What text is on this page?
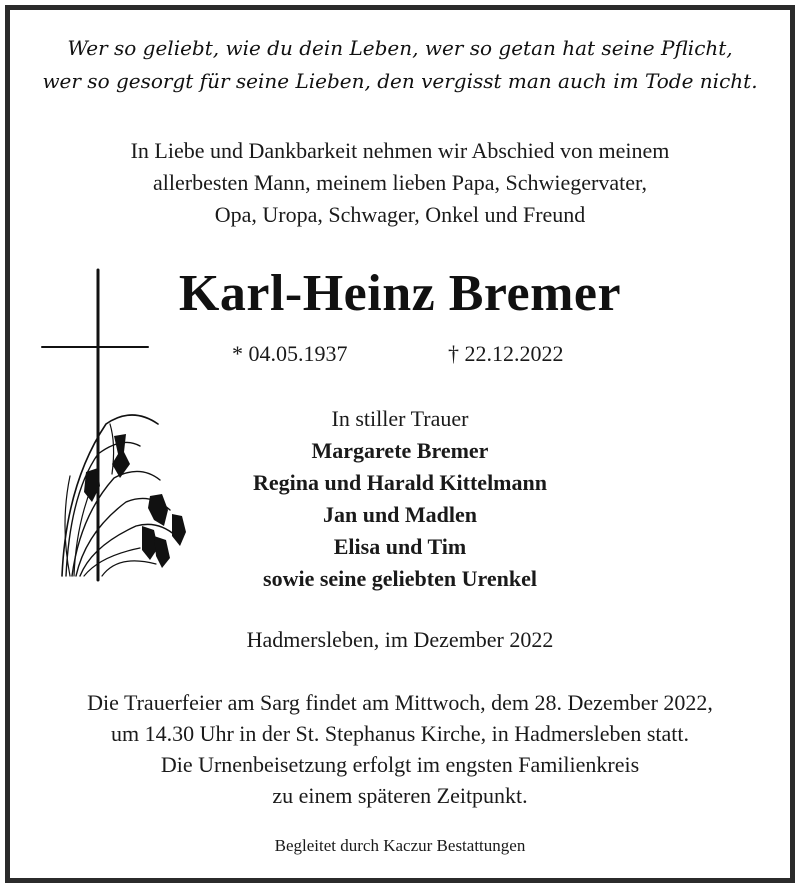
Wer so geliebt, wie du dein Leben, wer so getan hat seine Pflicht,
wer so gesorgt für seine Lieben, den vergisst man auch im Tode nicht.
In Liebe und Dankbarkeit nehmen wir Abschied von meinem
allerbesten Mann, meinem lieben Papa, Schwiegervater,
Opa, Uropa, Schwager, Onkel und Freund
Karl-Heinz Bremer
* 04.05.1937	† 22.12.2022
In stiller Trauer
Margarete Bremer
Regina und Harald Kittelmann
Jan und Madlen
Elisa und Tim
sowie seine geliebten Urenkel
Hadmersleben, im Dezember 2022
Die Trauerfeier am Sarg findet am Mittwoch, dem 28. Dezember 2022,
um 14.30 Uhr in der St. Stephanus Kirche, in Hadmersleben statt.
Die Urnenbeisetzung erfolgt im engsten Familienkreis
zu einem späteren Zeitpunkt.
Begleitet durch Kaczur Bestattungen
